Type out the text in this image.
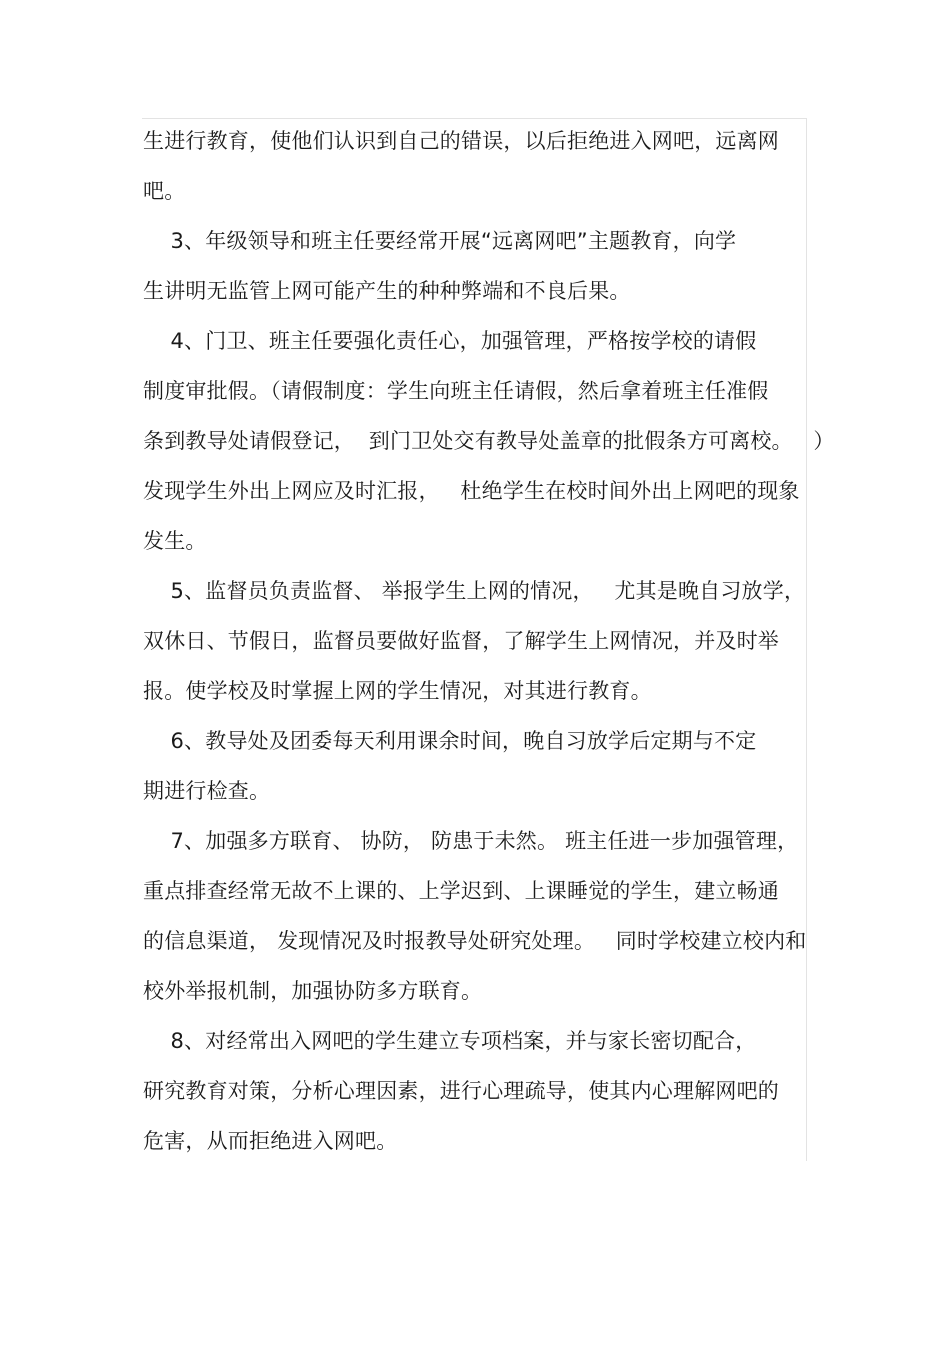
生进行教育，使他们认识到自己的错误，以后拒绝进入网吧，远离网
吧。
3、年级领导和班主任要经常开展“远离网吧”主题教育，向学
生讲明无监管上网可能产生的种种弊端和不良后果。
4、门卫、班主任要强化责任心，加强管理，严格按学校的请假
制度审批假。（请假制度：学生向班主任请假，然后拿着班主任准假
条到教导处请假登记，  到门卫处交有教导处盖章的批假条方可离校。   ）
发现学生外出上网应及时汇报，   杜绝学生在校时间外出上网吧的现象
发生。
5、监督员负责监督、 举报学生上网的情况，   尤其是晚自习放学，
双休日、节假日，监督员要做好监督，了解学生上网情况，并及时举
报。使学校及时掌握上网的学生情况，对其进行教育。
6、教导处及团委每天利用课余时间，晚自习放学后定期与不定
期进行检查。
7、加强多方联育、 协防， 防患于未然。 班主任进一步加强管理，
重点排查经常无故不上课的、上学迟到、上课睡觉的学生，建立畅通
的信息渠道， 发现情况及时报教导处研究处理。   同时学校建立校内和
校外举报机制，加强协防多方联育。
8、对经常出入网吧的学生建立专项档案，并与家长密切配合，
研究教育对策，分析心理因素，进行心理疏导，使其内心理解网吧的
危害，从而拒绝进入网吧。
